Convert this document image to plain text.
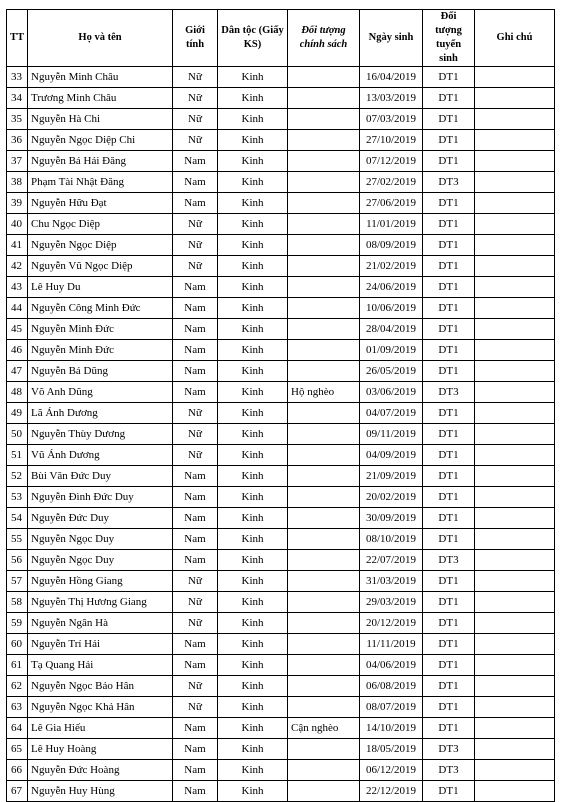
TT	Họ và tên	Giới tính	Dân tộc (Giấy KS)	Đối tượng chính sách	Ngày sinh	Đối tượng tuyển sinh	Ghi chú
33	Nguyễn Minh Châu	Nữ	Kinh		16/04/2019	DT1	
34	Trương Minh Châu	Nữ	Kinh		13/03/2019	DT1	
35	Nguyễn Hà Chi	Nữ	Kinh		07/03/2019	DT1	
36	Nguyễn Ngọc Diệp Chi	Nữ	Kinh		27/10/2019	DT1	
37	Nguyễn Bá Hải Đăng	Nam	Kinh		07/12/2019	DT1	
38	Phạm Tài Nhật Đăng	Nam	Kinh		27/02/2019	DT3	
39	Nguyễn Hữu Đạt	Nam	Kinh		27/06/2019	DT1	
40	Chu Ngọc Diệp	Nữ	Kinh		11/01/2019	DT1	
41	Nguyễn Ngọc Diệp	Nữ	Kinh		08/09/2019	DT1	
42	Nguyễn Vũ Ngọc Diệp	Nữ	Kinh		21/02/2019	DT1	
43	Lê Huy Du	Nam	Kinh		24/06/2019	DT1	
44	Nguyễn Công Minh Đức	Nam	Kinh		10/06/2019	DT1	
45	Nguyễn Minh Đức	Nam	Kinh		28/04/2019	DT1	
46	Nguyễn Minh Đức	Nam	Kinh		01/09/2019	DT1	
47	Nguyễn Bá Dũng	Nam	Kinh		26/05/2019	DT1	
48	Võ Anh Dũng	Nam	Kinh	Hộ nghèo	03/06/2019	DT3	
49	Lã Ánh Dương	Nữ	Kinh		04/07/2019	DT1	
50	Nguyễn Thùy Dương	Nữ	Kinh		09/11/2019	DT1	
51	Vũ Ánh Dương	Nữ	Kinh		04/09/2019	DT1	
52	Bùi Văn Đức Duy	Nam	Kinh		21/09/2019	DT1	
53	Nguyễn Đình Đức Duy	Nam	Kinh		20/02/2019	DT1	
54	Nguyễn Đức Duy	Nam	Kinh		30/09/2019	DT1	
55	Nguyễn Ngọc Duy	Nam	Kinh		08/10/2019	DT1	
56	Nguyễn Ngọc Duy	Nam	Kinh		22/07/2019	DT3	
57	Nguyễn Hồng Giang	Nữ	Kinh		31/03/2019	DT1	
58	Nguyễn Thị Hương Giang	Nữ	Kinh		29/03/2019	DT1	
59	Nguyễn Ngân Hà	Nữ	Kinh		20/12/2019	DT1	
60	Nguyễn Trí Hải	Nam	Kinh		11/11/2019	DT1	
61	Tạ Quang Hải	Nam	Kinh		04/06/2019	DT1	
62	Nguyễn Ngọc Bảo Hân	Nữ	Kinh		06/08/2019	DT1	
63	Nguyễn Ngọc Khả Hân	Nữ	Kinh		08/07/2019	DT1	
64	Lê Gia Hiếu	Nam	Kinh	Cận nghèo	14/10/2019	DT1	
65	Lê Huy Hoàng	Nam	Kinh		18/05/2019	DT3	
66	Nguyễn Đức Hoàng	Nam	Kinh		06/12/2019	DT3	
67	Nguyễn Huy Hùng	Nam	Kinh		22/12/2019	DT1	
